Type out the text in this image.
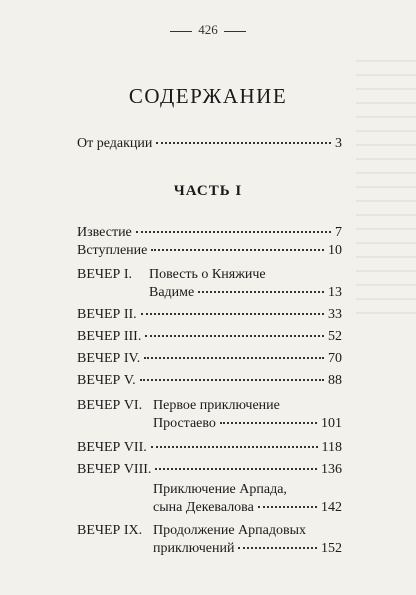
426
СОДЕРЖАНИЕ
От редакции	3
ЧАСТЬ I
Известие	7
Вступление	10
ВЕЧЕР I. Повесть о Княжиче
Вадиме	13
ВЕЧЕР II.	33
ВЕЧЕР III.	52
ВЕЧЕР IV.	70
ВЕЧЕР V.	88
ВЕЧЕР VI. Первое приключение
Простаево	101
ВЕЧЕР VII.	118
ВЕЧЕР VIII.	136
Приключение Арпада,
сына Декевалова	142
ВЕЧЕР IX. Продолжение Арпадовых
приключений	152
